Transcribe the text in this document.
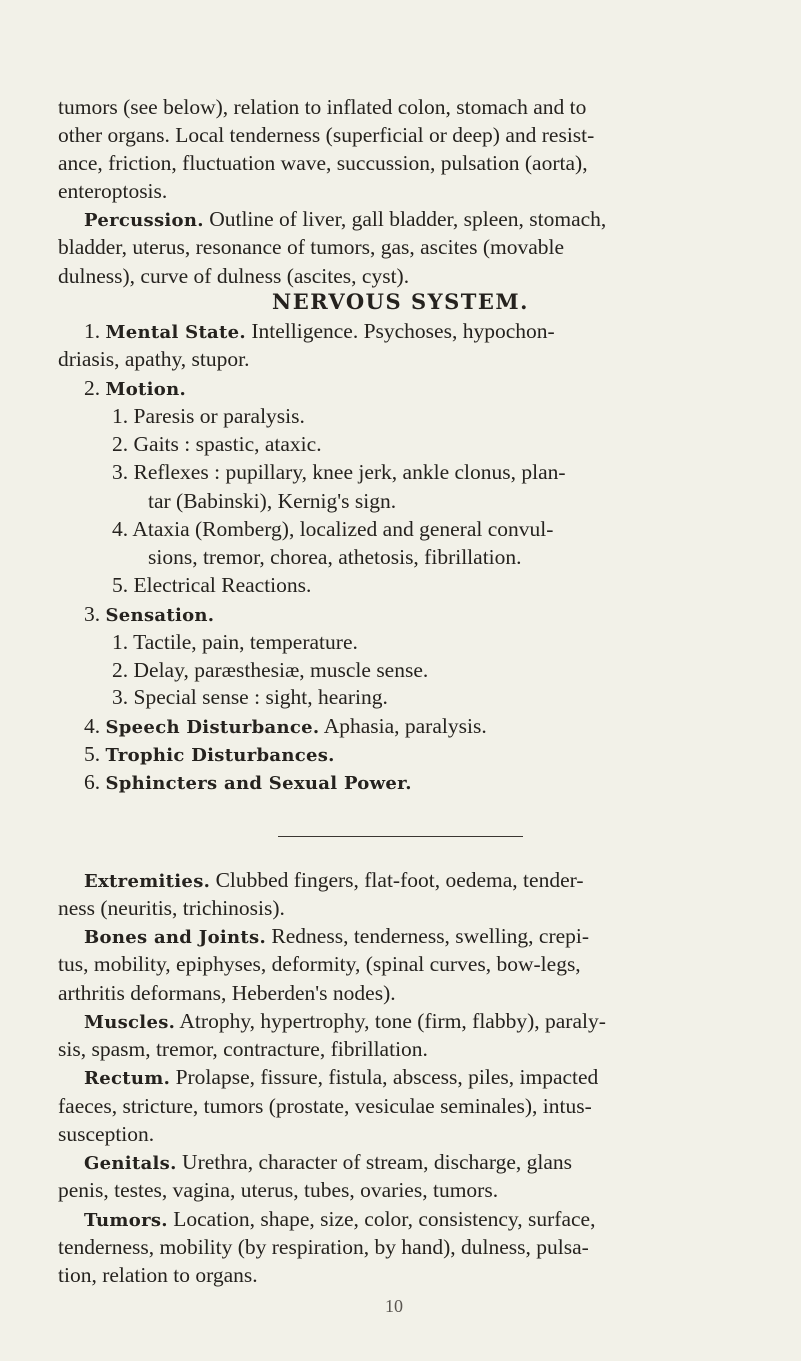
tumors (see below), relation to inflated colon, stomach and to
other organs. Local tenderness (superficial or deep) and resist-
ance, friction, fluctuation wave, succussion, pulsation (aorta),
enteroptosis.
Percussion. Outline of liver, gall bladder, spleen, stomach,
bladder, uterus, resonance of tumors, gas, ascites (movable
dulness), curve of dulness (ascites, cyst).
NERVOUS SYSTEM.
1. Mental State. Intelligence. Psychoses, hypochon-
driasis, apathy, stupor.
2. Motion.
1. Paresis or paralysis.
2. Gaits : spastic, ataxic.
3. Reflexes : pupillary, knee jerk, ankle clonus, plan-
tar (Babinski), Kernig's sign.
4. Ataxia (Romberg), localized and general convul-
sions, tremor, chorea, athetosis, fibrillation.
5. Electrical Reactions.
3. Sensation.
1. Tactile, pain, temperature.
2. Delay, paræsthesiæ, muscle sense.
3. Special sense : sight, hearing.
4. Speech Disturbance. Aphasia, paralysis.
5. Trophic Disturbances.
6. Sphincters and Sexual Power.
Extremities. Clubbed fingers, flat-foot, oedema, tender-
ness (neuritis, trichinosis).
Bones and Joints. Redness, tenderness, swelling, crepi-
tus, mobility, epiphyses, deformity, (spinal curves, bow-legs,
arthritis deformans, Heberden's nodes).
Muscles. Atrophy, hypertrophy, tone (firm, flabby), paraly-
sis, spasm, tremor, contracture, fibrillation.
Rectum. Prolapse, fissure, fistula, abscess, piles, impacted
faeces, stricture, tumors (prostate, vesiculae seminales), intus-
susception.
Genitals. Urethra, character of stream, discharge, glans
penis, testes, vagina, uterus, tubes, ovaries, tumors.
Tumors. Location, shape, size, color, consistency, surface,
tenderness, mobility (by respiration, by hand), dulness, pulsa-
tion, relation to organs.
10
